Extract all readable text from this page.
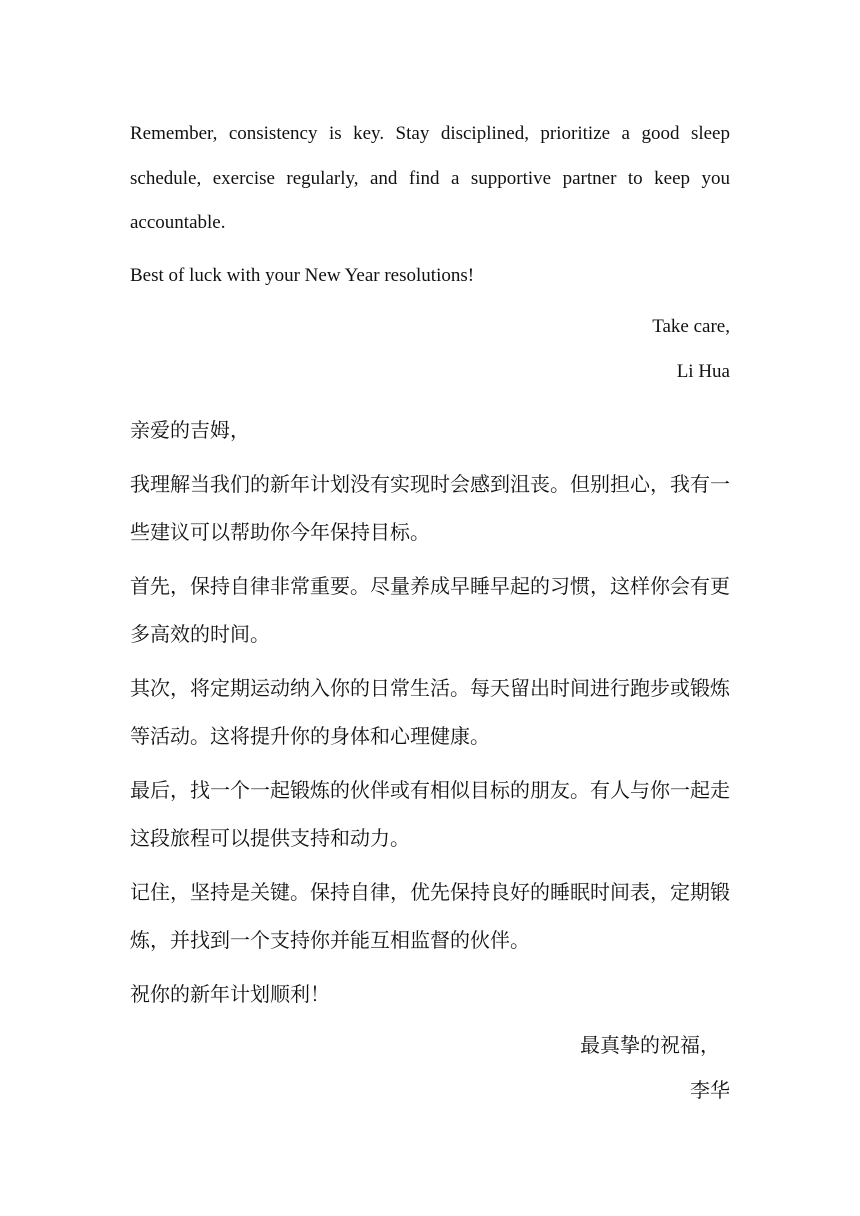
Remember, consistency is key. Stay disciplined, prioritize a good sleep schedule, exercise regularly, and find a supportive partner to keep you accountable.

Best of luck with your New Year resolutions!

Take care,

Li Hua

亲爱的吉姆，

我理解当我们的新年计划没有实现时会感到沮丧。但别担心，我有一些建议可以帮助你今年保持目标。

首先，保持自律非常重要。尽量养成早睡早起的习惯，这样你会有更多高效的时间。

其次，将定期运动纳入你的日常生活。每天留出时间进行跑步或锻炼等活动。这将提升你的身体和心理健康。

最后，找一个一起锻炼的伙伴或有相似目标的朋友。有人与你一起走这段旅程可以提供支持和动力。

记住，坚持是关键。保持自律，优先保持良好的睡眠时间表，定期锻炼，并找到一个支持你并能互相监督的伙伴。

祝你的新年计划顺利！

最真挚的祝福，

李华
